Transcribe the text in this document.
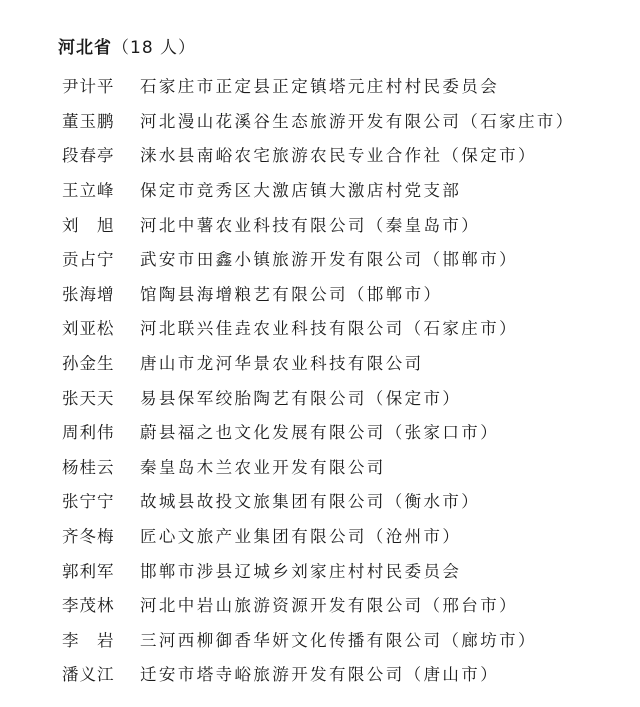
河北省（18 人）
尹计平	石家庄市正定县正定镇塔元庄村村民委员会
董玉鹏	河北漫山花溪谷生态旅游开发有限公司（石家庄市）
段春亭	涞水县南峪农宅旅游农民专业合作社（保定市）
王立峰	保定市竞秀区大激店镇大激店村党支部
刘　旭	河北中薯农业科技有限公司（秦皇岛市）
贡占宁	武安市田鑫小镇旅游开发有限公司（邯郸市）
张海增	馆陶县海增粮艺有限公司（邯郸市）
刘亚松	河北联兴佳垚农业科技有限公司（石家庄市）
孙金生	唐山市龙河华景农业科技有限公司
张天天	易县保军绞胎陶艺有限公司（保定市）
周利伟	蔚县福之也文化发展有限公司（张家口市）
杨桂云	秦皇岛木兰农业开发有限公司
张宁宁	故城县故投文旅集团有限公司（衡水市）
齐冬梅	匠心文旅产业集团有限公司（沧州市）
郭利军	邯郸市涉县辽城乡刘家庄村村民委员会
李茂林	河北中岩山旅游资源开发有限公司（邢台市）
李　岩	三河西柳御香华妍文化传播有限公司（廊坊市）
潘义江	迁安市塔寺峪旅游开发有限公司（唐山市）
